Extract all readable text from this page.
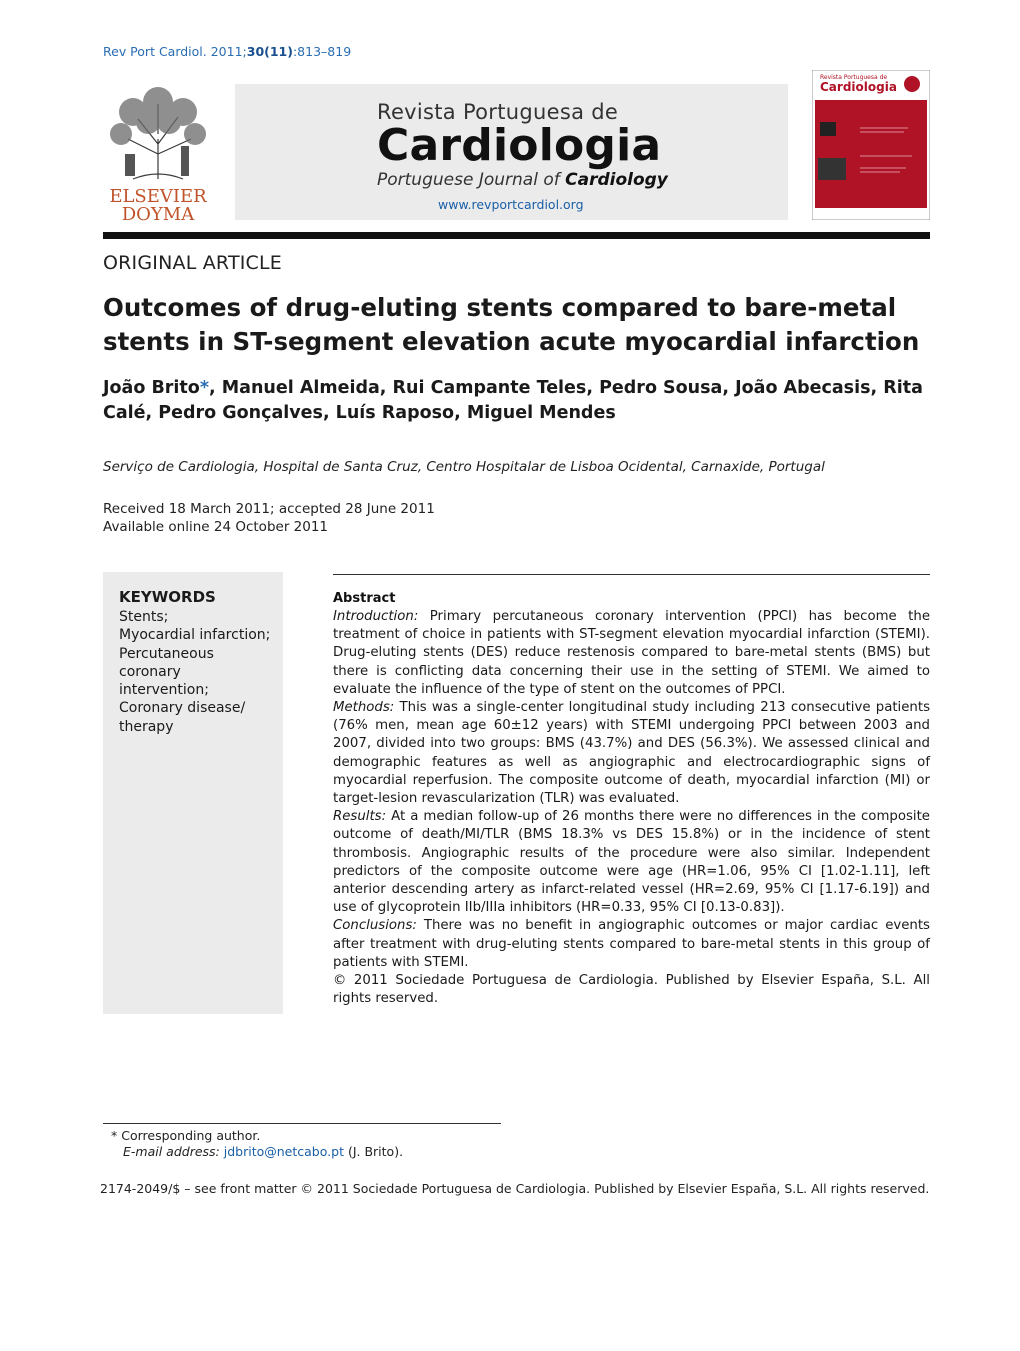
Rev Port Cardiol. 2011;30(11):813–819
ELSEVIER
DOYMA
Revista Portuguesa de
Cardiologia
Portuguese Journal of Cardiology
www.revportcardiol.org
Revista Portuguesa de
Cardiologia
ORIGINAL ARTICLE
Outcomes of drug-eluting stents compared to bare-metal stents in ST-segment elevation acute myocardial infarction
João Brito*, Manuel Almeida, Rui Campante Teles, Pedro Sousa, João Abecasis, Rita Calé, Pedro Gonçalves, Luís Raposo, Miguel Mendes
Serviço de Cardiologia, Hospital de Santa Cruz, Centro Hospitalar de Lisboa Ocidental, Carnaxide, Portugal
Received 18 March 2011; accepted 28 June 2011
Available online 24 October 2011
KEYWORDS
Stents;
Myocardial infarction;
Percutaneous
coronary
intervention;
Coronary disease/
therapy
Abstract

Introduction: Primary percutaneous coronary intervention (PPCI) has become the treatment of choice in patients with ST-segment elevation myocardial infarction (STEMI). Drug-eluting stents (DES) reduce restenosis compared to bare-metal stents (BMS) but there is conflicting data concerning their use in the setting of STEMI. We aimed to evaluate the influence of the type of stent on the outcomes of PPCI.

Methods: This was a single-center longitudinal study including 213 consecutive patients (76% men, mean age 60±12 years) with STEMI undergoing PPCI between 2003 and 2007, divided into two groups: BMS (43.7%) and DES (56.3%). We assessed clinical and demographic features as well as angiographic and electrocardiographic signs of myocardial reperfusion. The composite outcome of death, myocardial infarction (MI) or target-lesion revascularization (TLR) was evaluated.

Results: At a median follow-up of 26 months there were no differences in the composite outcome of death/MI/TLR (BMS 18.3% vs DES 15.8%) or in the incidence of stent thrombosis. Angiographic results of the procedure were also similar. Independent predictors of the composite outcome were age (HR=1.06, 95% CI [1.02-1.11], left anterior descending artery as infarct-related vessel (HR=2.69, 95% CI [1.17-6.19]) and use of glycoprotein IIb/IIIa inhibitors (HR=0.33, 95% CI [0.13-0.83]).

Conclusions: There was no benefit in angiographic outcomes or major cardiac events after treatment with drug-eluting stents compared to bare-metal stents in this group of patients with STEMI.

© 2011 Sociedade Portuguesa de Cardiologia. Published by Elsevier España, S.L. All rights reserved.

* Corresponding author.
E-mail address: jdbrito@netcabo.pt (J. Brito).
2174-2049/$ – see front matter © 2011 Sociedade Portuguesa de Cardiologia. Published by Elsevier España, S.L. All rights reserved.
